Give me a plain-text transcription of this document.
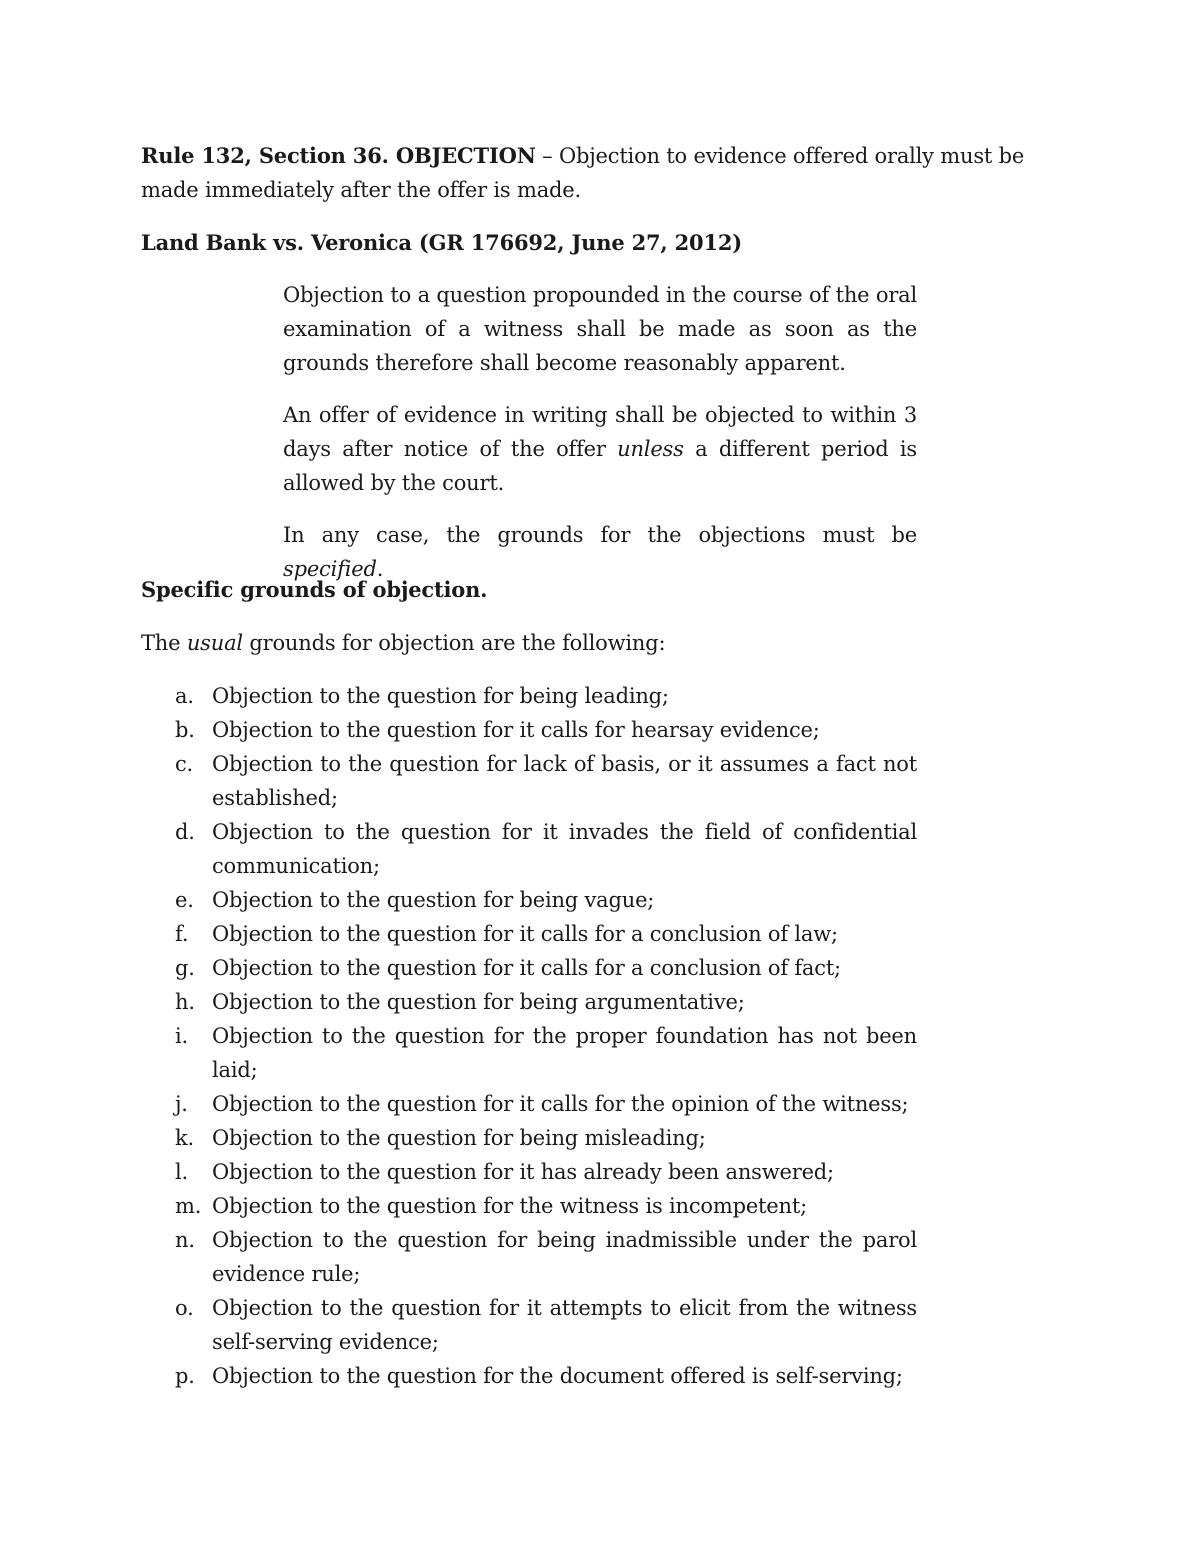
Rule 132, Section 36. OBJECTION – Objection to evidence offered orally must be made immediately after the offer is made.

Land Bank vs. Veronica (GR 176692, June 27, 2012)

Objection to a question propounded in the course of the oral examination of a witness shall be made as soon as the grounds therefore shall become reasonably apparent.

An offer of evidence in writing shall be objected to within 3 days after notice of the offer unless a different period is allowed by the court.

In any case, the grounds for the objections must be specified.

Specific grounds of objection.

The usual grounds for objection are the following:

a. Objection to the question for being leading;
b. Objection to the question for it calls for hearsay evidence;
c. Objection to the question for lack of basis, or it assumes a fact not established;
d. Objection to the question for it invades the field of confidential communication;
e. Objection to the question for being vague;
f.	Objection to the question for it calls for a conclusion of law;
g. Objection to the question for it calls for a conclusion of fact;
h. Objection to the question for being argumentative;
i.	Objection to the question for the proper foundation has not been laid;
j.	Objection to the question for it calls for the opinion of the witness;
k. Objection to the question for being misleading;
l.	Objection to the question for it has already been answered;
m. Objection to the question for the witness is incompetent;
n. Objection to the question for being inadmissible under the parol evidence rule;
o. Objection to the question for it attempts to elicit from the witness self-serving evidence;
p. Objection to the question for the document offered is self-serving;
